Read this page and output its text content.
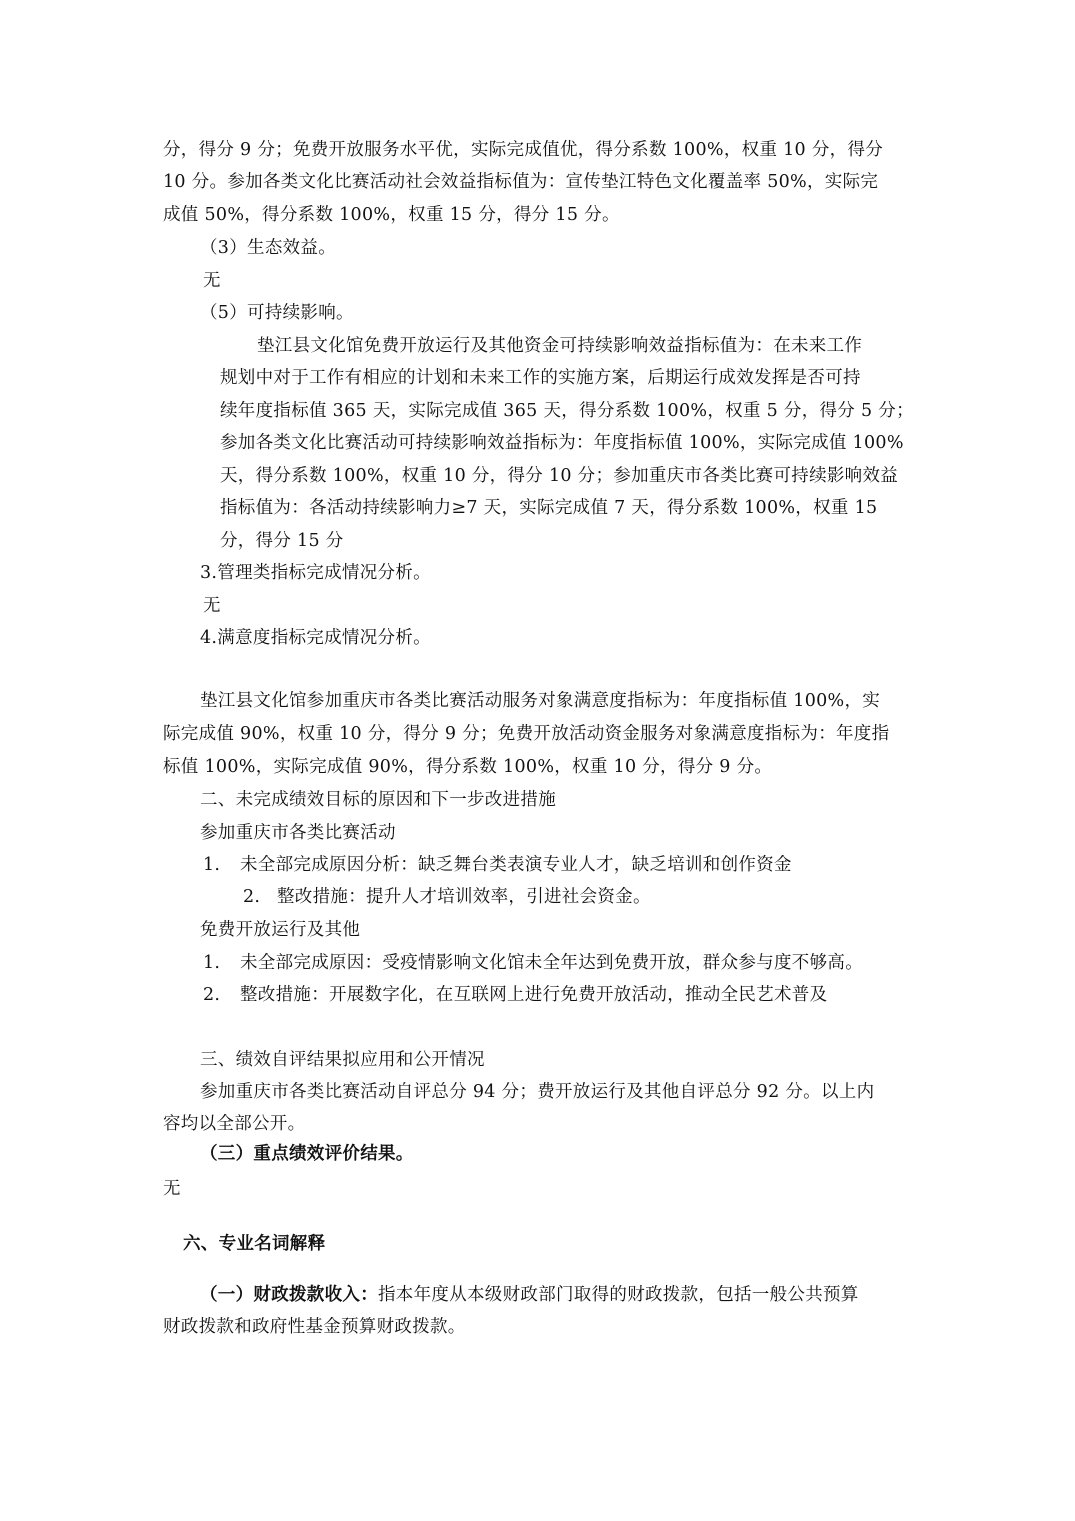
分，得分 9 分；免费开放服务水平优，实际完成值优，得分系数 100%，权重 10 分，得分
10 分。参加各类文化比赛活动社会效益指标值为：宣传垫江特色文化覆盖率 50%，实际完
成值 50%，得分系数 100%，权重 15 分，得分 15 分。
（3）生态效益。
无
（5）可持续影响。
垫江县文化馆免费开放运行及其他资金可持续影响效益指标值为：在未来工作
规划中对于工作有相应的计划和未来工作的实施方案，后期运行成效发挥是否可持
续年度指标值 365 天，实际完成值 365 天，得分系数 100%，权重 5 分，得分 5 分；
参加各类文化比赛活动可持续影响效益指标为：年度指标值 100%，实际完成值 100%
天，得分系数 100%，权重 10 分，得分 10 分；参加重庆市各类比赛可持续影响效益
指标值为：各活动持续影响力≥7 天，实际完成值 7 天，得分系数 100%，权重 15
分，得分 15 分
3.管理类指标完成情况分析。
无
4.满意度指标完成情况分析。
垫江县文化馆参加重庆市各类比赛活动服务对象满意度指标为：年度指标值 100%，实
际完成值 90%，权重 10 分，得分 9 分；免费开放活动资金服务对象满意度指标为：年度指
标值 100%，实际完成值 90%，得分系数 100%，权重 10 分，得分 9 分。
二、未完成绩效目标的原因和下一步改进措施
参加重庆市各类比赛活动
1. 未全部完成原因分析：缺乏舞台类表演专业人才，缺乏培训和创作资金
2. 整改措施：提升人才培训效率，引进社会资金。
免费开放运行及其他
1. 未全部完成原因：受疫情影响文化馆未全年达到免费开放，群众参与度不够高。
2. 整改措施：开展数字化，在互联网上进行免费开放活动，推动全民艺术普及
三、绩效自评结果拟应用和公开情况
参加重庆市各类比赛活动自评总分 94 分；费开放运行及其他自评总分 92 分。以上内
容均以全部公开。
（三）重点绩效评价结果。
无
六、专业名词解释
（一）财政拨款收入：指本年度从本级财政部门取得的财政拨款，包括一般公共预算
财政拨款和政府性基金预算财政拨款。
